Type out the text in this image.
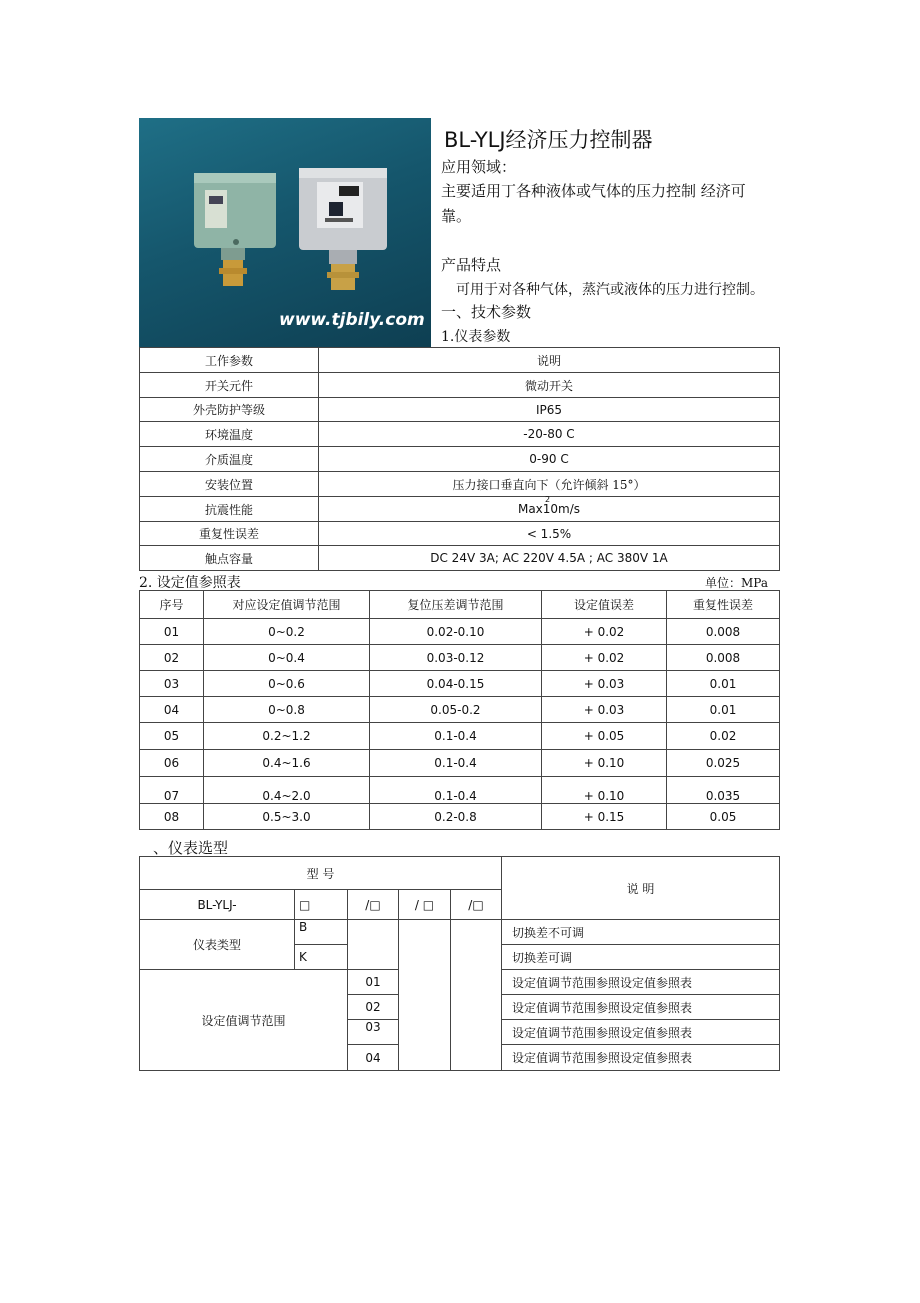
www.tjbily.com
BL-YLJ经济压力控制器
应用领域：
主要适用丁各种液体或气体的压力控制 经济可
靠。
产品特点
可用于对各种气体，蒸汽或液体的压力进行控制。
一、技术参数
1.仪表参数
工作参数	说明
开关元件	微动开关
外壳防护等级	IP65
环境温度	-20-80 C
介质温度	0-90 C
安装位置	压力接口垂直向下（允许倾斜 15°）
抗震性能	Max10m/s
2

重复性误差	< 1.5%
触点容量	DC 24V 3A; AC 220V 4.5A ; AC 380V 1A
2. 设定值参照表	单位：MPa
序号	对应设定值调节范围	复位压差调节范围	设定值误差	重复性误差
01	0~0.2	0.02-0.10	+ 0.02	0.008
02	0~0.4	0.03-0.12	+ 0.02	0.008
03	0~0.6	0.04-0.15	+ 0.03	0.01
04	0~0.8	0.05-0.2	+ 0.03	0.01
05	0.2~1.2	0.1-0.4	+ 0.05	0.02
06	0.4~1.6	0.1-0.4	+ 0.10	0.025
07	0.4~2.0	0.1-0.4	+ 0.10	0.035
08	0.5~3.0	0.2-0.8	+ 0.15	0.05
、仪表选型
型 号					说 明
BL-YLJ-	□	/□	/ □	/□	
仪表类型	B				切换差不可调
	K				切换差可调
设定值调节范围		01			设定值调节范围参照设定值参照表
		02			设定值调节范围参照设定值参照表
		03			设定值调节范围参照设定值参照表
		04			设定值调节范围参照设定值参照表
